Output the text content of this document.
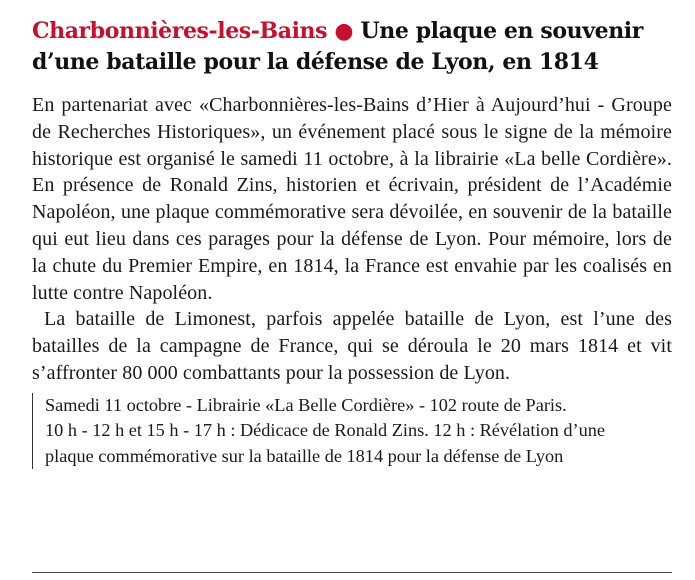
Charbonnières-les-Bains ● Une plaque en souvenir d’une bataille pour la défense de Lyon, en 1814

En partenariat avec «Charbonnières-les-Bains d’Hier à Aujourd’hui - Groupe de Recherches Historiques», un événement placé sous le signe de la mémoire historique est organisé le samedi 11 octobre, à la librairie «La belle Cordière». En présence de Ronald Zins, historien et écrivain, président de l’Académie Napoléon, une plaque commémorative sera dévoilée, en souvenir de la bataille qui eut lieu dans ces parages pour la défense de Lyon. Pour mémoire, lors de la chute du Premier Empire, en 1814, la France est envahie par les coalisés en lutte contre Napoléon.

La bataille de Limonest, parfois appelée bataille de Lyon, est l’une des batailles de la campagne de France, qui se déroula le 20 mars 1814 et vit s’affronter 80 000 combattants pour la possession de Lyon.

Samedi 11 octobre - Librairie «La Belle Cordière» - 102 route de Paris.
10 h - 12 h et 15 h - 17 h : Dédicace de Ronald Zins. 12 h : Révélation d’une
plaque commémorative sur la bataille de 1814 pour la défense de Lyon
